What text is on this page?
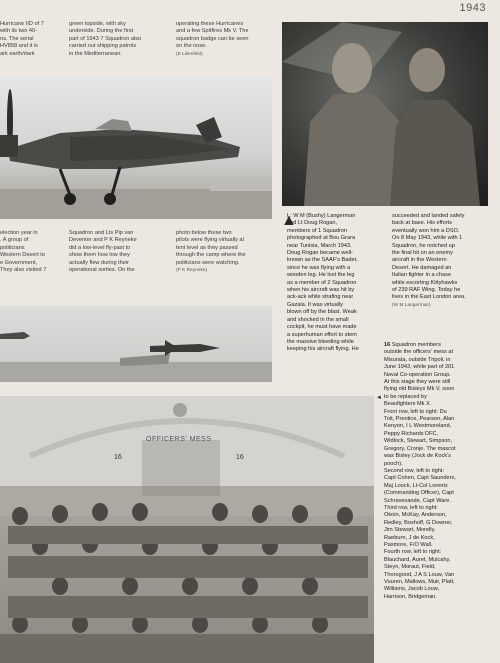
1943
Hurricane IID of 7
with its two 40-
ns. The serial
HV858 and it is
ark earth/dark
green topside, with sky
underside. During the first
part of 1943 7 Squadron also
carried out shipping patrols
in the Mediterranean.
operating these Hurricanes
and a few Spitfires Mk V. The
squadron badge can be seen
on the nose.
(E Lilienfeld)
election year in
. A group of
politicians
Western Desert to
e Government,
They also visited 7
Squadron and Lts Pip van
Deventer and P K Reyneke
did a low-level fly-past to
show them how low they
actually flew during their
operational sorties. On the
photo below these two
pilots were flying virtually at
tent level as they passed
through the camp where the
politicians were watching.
(P K Reyneke)
▲
L: W M (Bushy) Langerman
and Lt Doug Rogan,
members of 1 Squadron
photographed at Bou Grara
near Tunisia, March 1943.
Doug Rogan became well-
known as the SAAF's Bader,
since he was flying with a
wooden leg. He lost the leg
as a member of 2 Squadron
when his aircraft was hit by
ack-ack while strafing near
Gazala. It was virtually
blown off by the blast. Weak
and shocked in the small
cockpit, he must have made
a superhuman effort to stem
the massive bleeding while
keeping his aircraft flying. He
succeeded and landed safely
back at base. His efforts
eventually won him a DSO.
On 8 May 1943, while with 1
Squadron, he notched up
the final hit on an enemy
aircraft in the Western
Desert. He damaged an
Italian fighter in a chase
while escorting Kittyhawks
of 239 RAF Wing. Today he
lives in the East London area.
(W M Langerman)
OFFICERS' MESS
16	16
◄
16 Squadron members
outside the officers' mess at
Misurata, outside Tripoli, in
June 1943, while part of 201
Naval Co-operation Group.
At this stage they were still
flying old Bisleys Mk V, soon
to be replaced by
Beaufighters Mk X.
Front row, left to right: Du
Toit, Prentice, Pearson, Alan
Kenyon, I L Westmoreland,
Peppy Richards DFC,
Widlock, Stewart, Simpson,
Gregory, Cronje. The mascot
was Bisley (Jock de Kock's
pooch).
Second row, left to right:
Capt Cohen, Capt Saunders,
Maj Loock, Lt-Col Lorentz
(Commanding Officer), Capt
Schravesande, Capt Ware.
Third row, left to right:
Okoin, McKay, Anderson,
Redley, Boshoff, G Downer,
Jim Stewart, Morelly,
Raeburn, J de Kock,
Pasmore, F/O Wall.
Fourth row, left to right:
Blauchard, Auret, Mulcahy,
Steyn, Moraut, Field,
Thorogood, J A S Louw, Van
Vuuren, Mallows, Muir, Platt,
Williams, Jacob Louw,
Harrison, Bridgeman.
